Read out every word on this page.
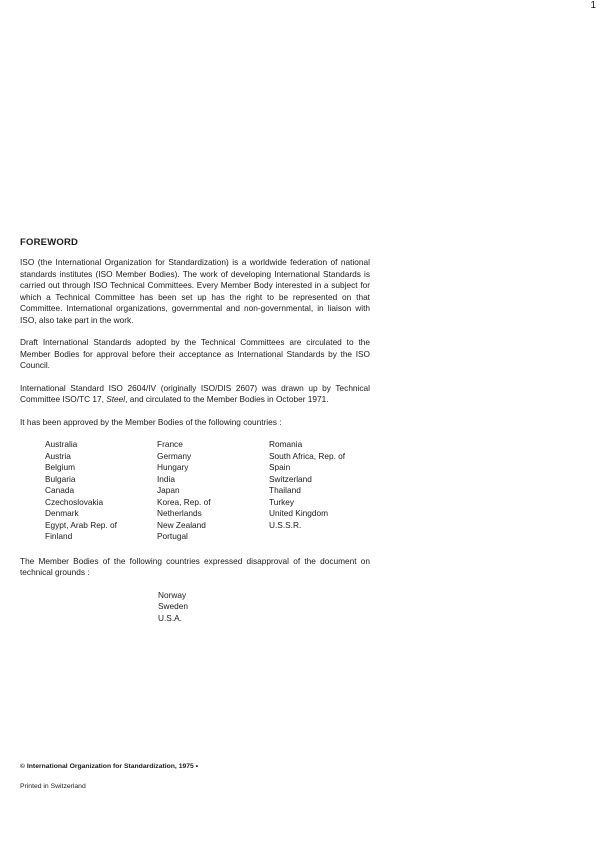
1
FOREWORD

ISO (the International Organization for Standardization) is a worldwide federation of national standards institutes (ISO Member Bodies). The work of developing International Standards is carried out through ISO Technical Committees. Every Member Body interested in a subject for which a Technical Committee has been set up has the right to be represented on that Committee. International organizations, governmental and non-governmental, in liaison with ISO, also take part in the work.

Draft International Standards adopted by the Technical Committees are circulated to the Member Bodies for approval before their acceptance as International Standards by the ISO Council.

International Standard ISO 2604/IV (originally ISO/DIS 2607) was drawn up by Technical Committee ISO/TC 17, Steel, and circulated to the Member Bodies in October 1971.

It has been approved by the Member Bodies of the following countries :

Australia
Austria
Belgium
Bulgaria
Canada
Czechoslovakia
Denmark
Egypt, Arab Rep. of
Finland
France
Germany
Hungary
India
Japan
Korea, Rep. of
Netherlands
New Zealand
Portugal
Romania
South Africa, Rep. of
Spain
Switzerland
Thailand
Turkey
United Kingdom
U.S.S.R.

The Member Bodies of the following countries expressed disapproval of the document on technical grounds :

Norway
Sweden
U.S.A.
© International Organization for Standardization, 1975 •
Printed in Switzerland
